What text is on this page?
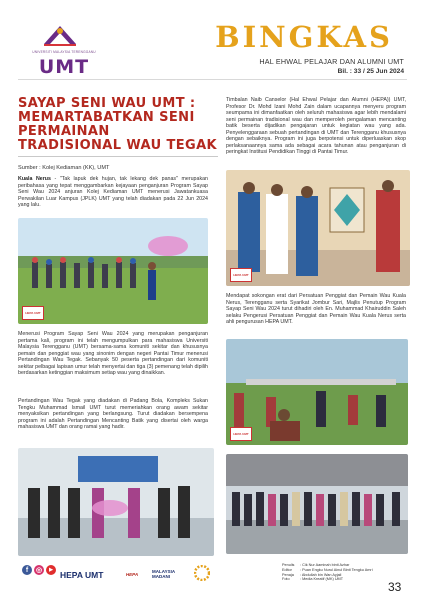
UNIVERSITI MALAYSIA TERENGGANU
UMT
BINGKAS
HAL EHWAL PELAJAR DAN ALUMNI UMT
Bil. : 33 / 25 Jun 2024
SAYAP SENI WAU UMT : MEMARTABATKAN SENI PERMAINAN TRADISIONAL WAU TEGAK
Sumber : Kolej Kediaman (KK), UMT
Kuala Nerus - "Tak lapuk dek hujan, tak lekang dek panas" merupakan peribahasa yang tepat menggambarkan kejayaan penganjuran Program Sayap Seni Wau 2024 anjuran Kolej Kediaman UMT menerusi Jawatankuasa Perwakilan Luar Kampus (JPLK) UMT yang telah diadakan pada 22 Jun 2024 yang lalu.
HEPA UMT
Menerusi Program Sayap Seni Wau 2024 yang merupakan penganjuran pertama kali, program ini telah mengumpulkan para mahasiswa Universiti Malaysia Terengganu (UMT) bersama-sama komuniti sekitar dan khususnya pemain dan penggiat wau yang sinonim dengan negeri Pantai Timur menerusi Pertandingan Wau Tegak. Sebanyak 50 peserta pertandingan dari komuniti sekitar pelbagai lapisan umur telah menyertai dan tiga (3) pemenang telah dipilih berdasarkan ketinggian maksimum setiap wau yang dinaikkan.
Pertandingan Wau Tegak yang diadakan di Padang Bola, Kompleks Sukan Tengku Muhammad Ismail UMT turut memeriahkan orang awam sekitar menyaksikan pertandingan yang berlangsung. Turut diadakan bersempena program ini adalah Pertandingan Mencanting Batik yang disertai oleh warga mahasiswa UMT dan orang ramai yang hadir.
Timbalan Naib Canselor (Hal Ehwal Pelajar dan Alumni (HEPA)) UMT, Profesor Dr. Mohd Izani Mohd Zain dalam ucapannya menyeru program seumpama ini dimanfaatkan oleh seluruh mahasiswa agar lebih mendalami seni permainan tradisional wau dan memperoleh pengalaman mencanting batik beserta dijadikan pengajaran untuk kegiatan wau yang ada. Penyelenggaraan sebuah pertandingan di UMT dan Terengganu khususnya dengan sebaiknya. Program ini juga berpotensi untuk diperluaskan skop perlaksanaannya sama ada sebagai acara tahunan atau penganjuran di peringkat Institusi Pendidikan Tinggi di Pantai Timur.
HEPA UMT
Mendapat sokongan erat dari Persatuan Penggiat dan Pemain Wau Kuala Nerus, Terengganu serta Syarikat Jombur Sari, Majlis Penutup Program Sayap Seni Wau 2024 turut dihadiri oleh En. Muhammad Khairuddin Saleh selaku Pengerusi Persatuan Penggiat dan Pemain Wau Kuala Nerus serta ahli pengurusan HEPA UMT.
HEPA UMT
f	◎	▶ HEPA UMT	HEPA	MALAYSIA MADANI
Penulis : Cik Nur Aaminah binti Azhar
Editor : Puan Engku Nurul Ainul Binti Tengku Amri
Penaja : Abdullah bin Wan Ayjail
Foto	: Media Kreatif (MK) UMT
33
